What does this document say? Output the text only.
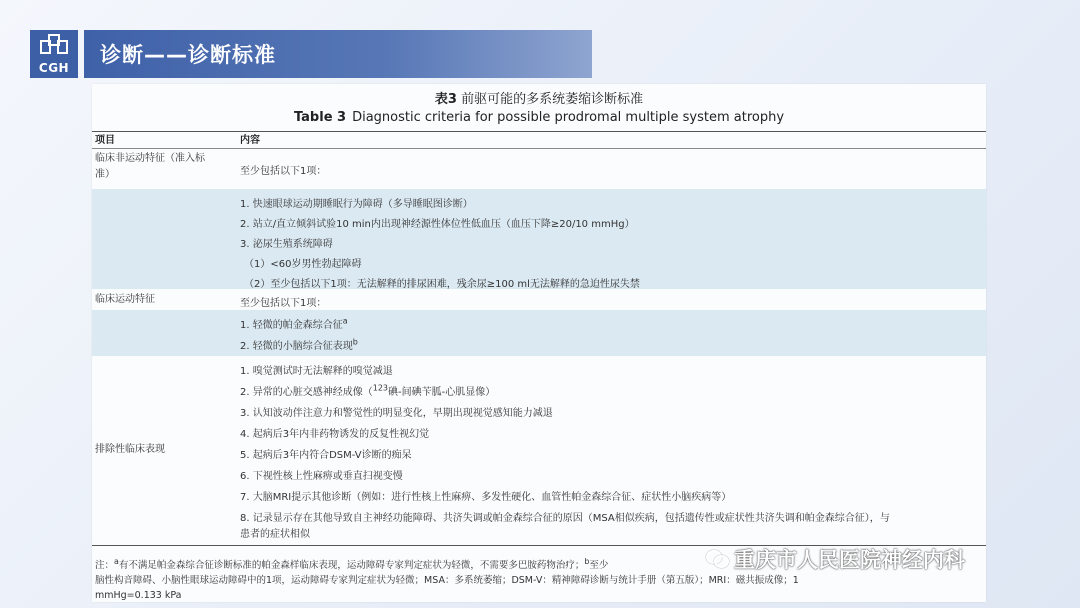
CGH
诊断——诊断标准
表3 前驱可能的多系统萎缩诊断标准
Table 3 Diagnostic criteria for possible prodromal multiple system atrophy
项目	内容
临床非运动特征（准入标
准）	至少包括以下1项：
1. 快速眼球运动期睡眠行为障碍（多导睡眠图诊断）
2. 站立/直立倾斜试验10 min内出现神经源性体位性低血压（血压下降≥20/10 mmHg）
3. 泌尿生殖系统障碍
（1）<60岁男性勃起障碍
（2）至少包括以下1项：无法解释的排尿困难，残余尿≥100 ml无法解释的急迫性尿失禁
临床运动特征	至少包括以下1项：
1. 轻微的帕金森综合征$^a$
2. 轻微的小脑综合征表现$^b$
排除性临床表现
1. 嗅觉测试时无法解释的嗅觉减退
2. 异常的心脏交感神经成像（$^{123}$碘-间碘苄胍-心肌显像）
3. 认知波动伴注意力和警觉性的明显变化，早期出现视觉感知能力减退
4. 起病后3年内非药物诱发的反复性视幻觉
5. 起病后3年内符合DSM-V诊断的痴呆
6. 下视性核上性麻痹或垂直扫视变慢
7. 大脑MRI提示其他诊断（例如：进行性核上性麻痹、多发性硬化、血管性帕金森综合征、症状性小脑疾病等）
8. 记录显示存在其他导致自主神经功能障碍、共济失调或帕金森综合征的原因（MSA相似疾病，包括遗传性或症状性共济失调和帕金森综合征），与
患者的症状相似
注：$^a$有不满足帕金森综合征诊断标准的帕金森样临床表现，运动障碍专家判定症状为轻微，不需要多巴胺药物治疗；$^b$至少
脑性构音障碍、小脑性眼球运动障碍中的1项，运动障碍专家判定症状为轻微；MSA：多系统萎缩；DSM-V：精神障碍诊断与统计手册（第五版）；MRI：磁共振成像；1
mmHg=0.133 kPa
重庆市人民医院神经内科
